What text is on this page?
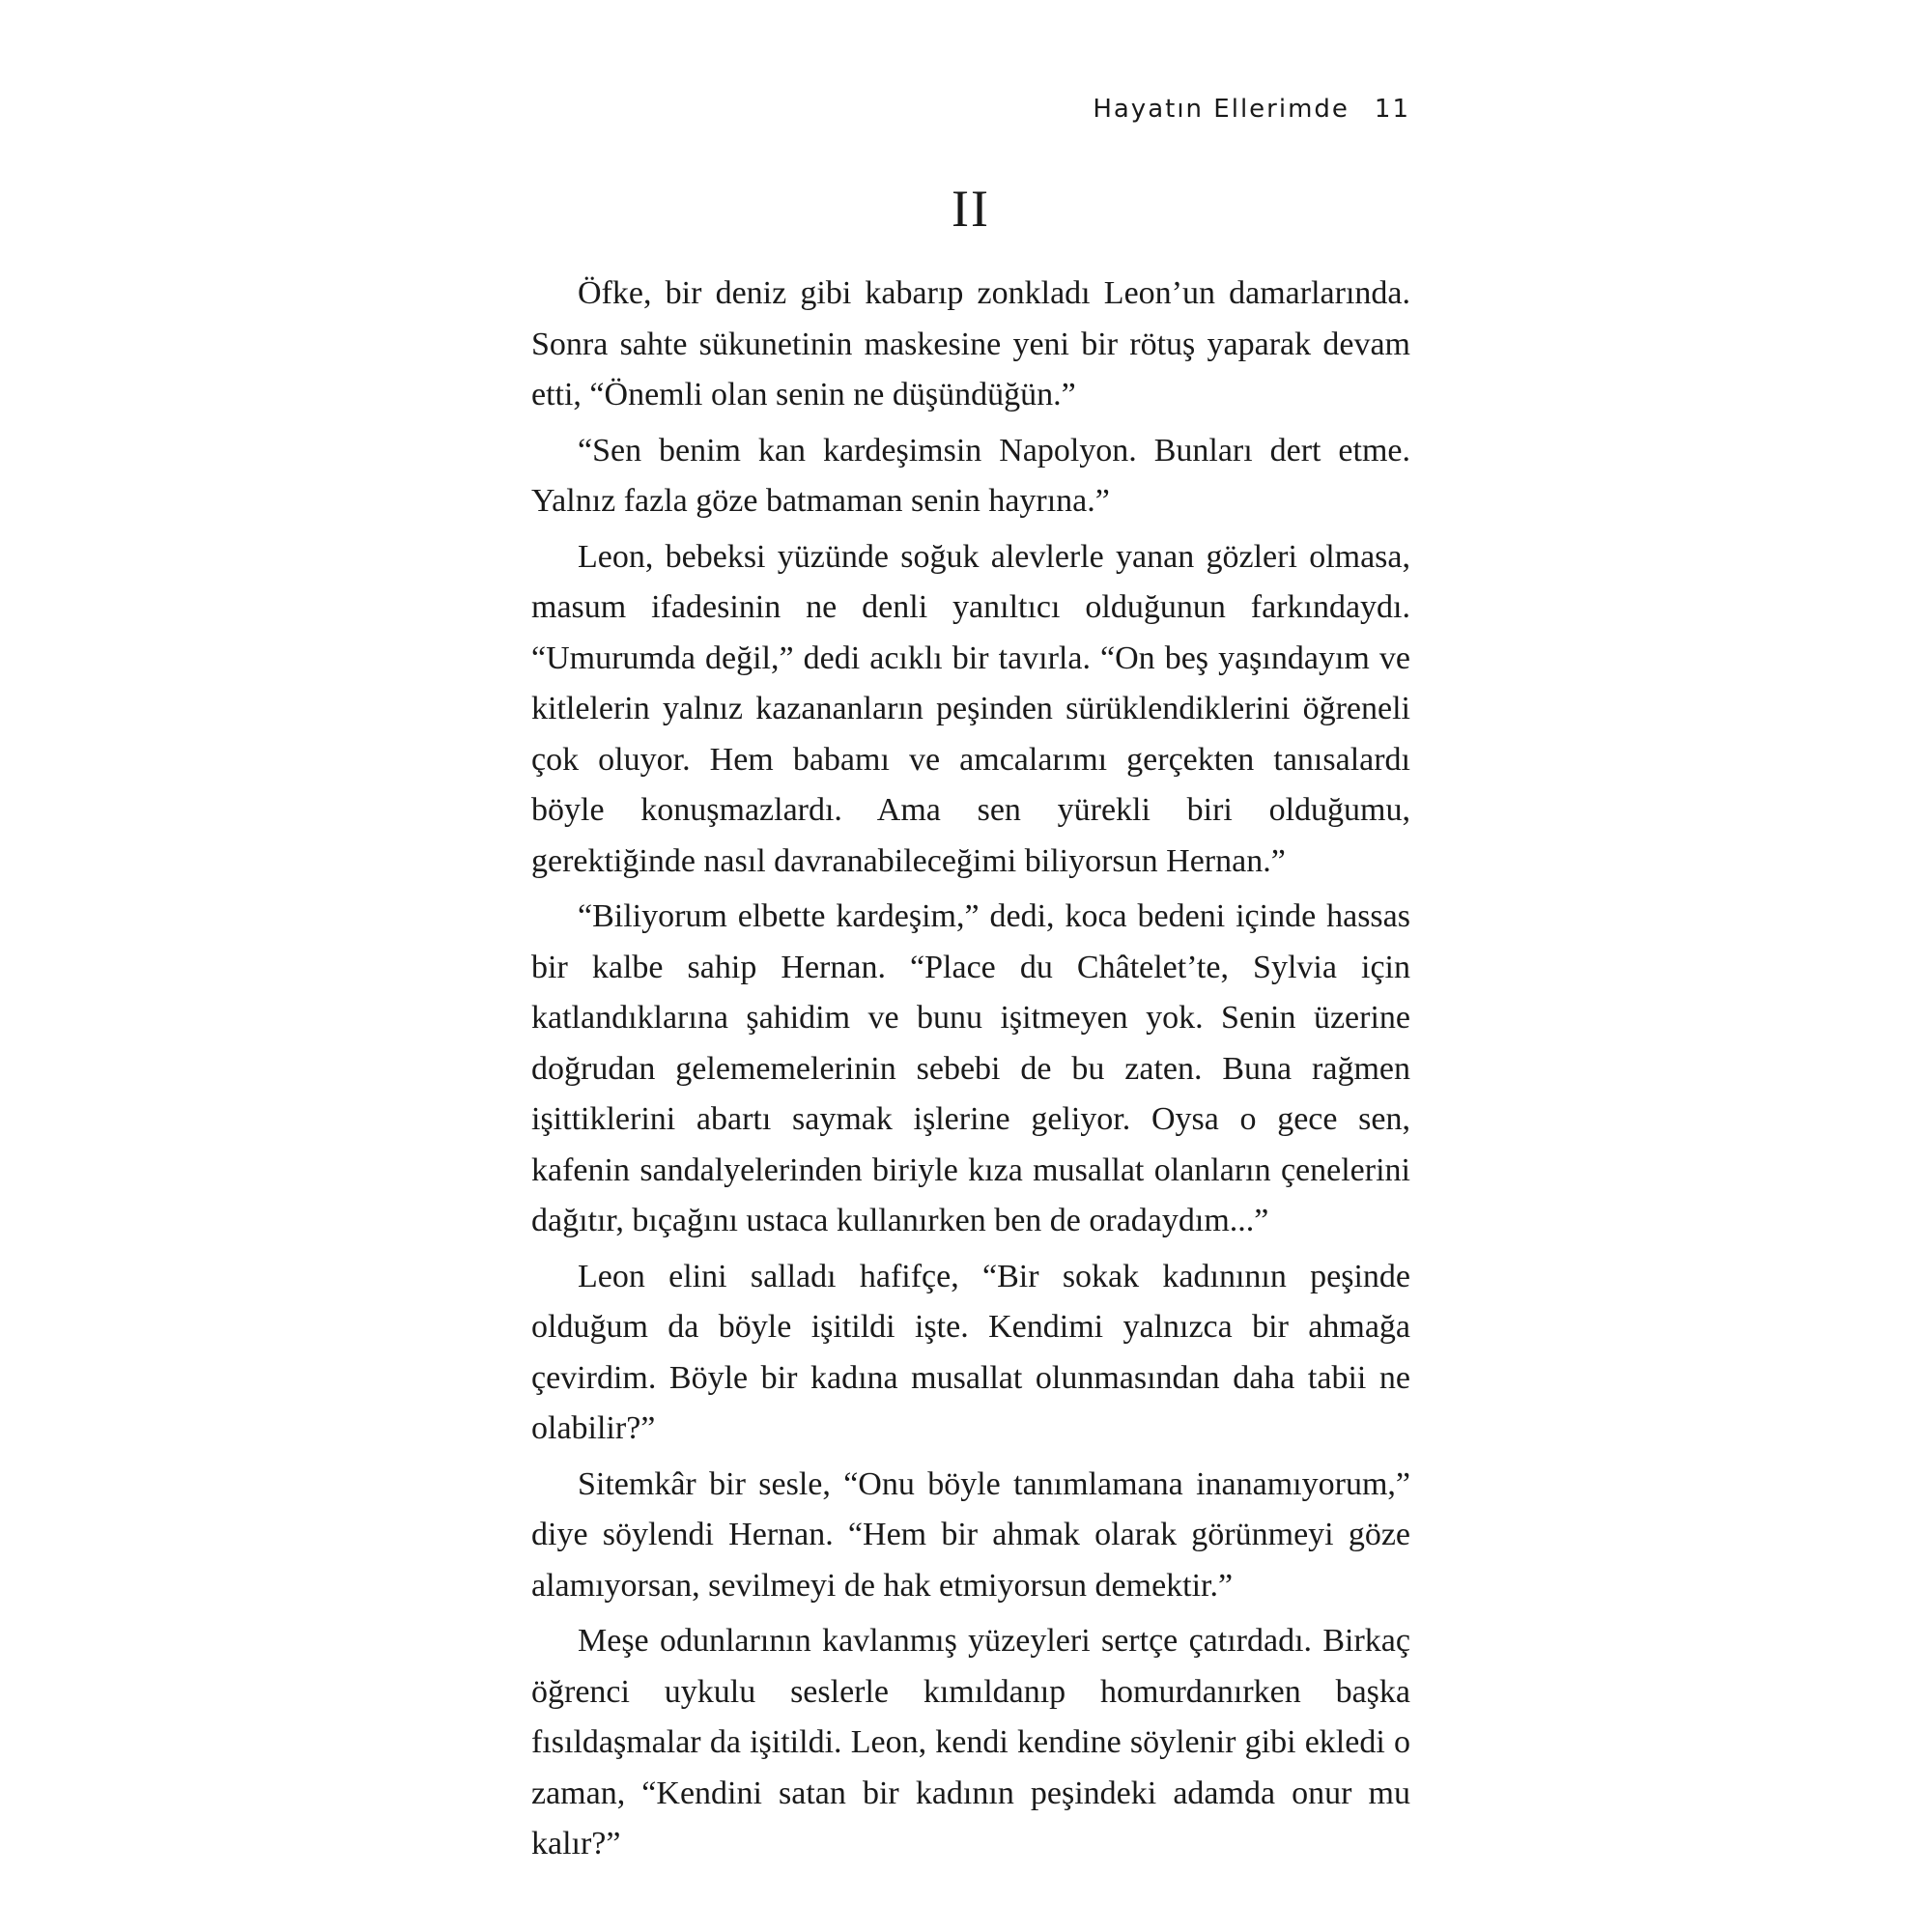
Hayatın Ellerimde 11
II

Öfke, bir deniz gibi kabarıp zonkladı Leon’un damarlarında. Sonra sahte sükunetinin maskesine yeni bir rötuş yaparak devam etti, “Önemli olan senin ne düşündüğün.”

“Sen benim kan kardeşimsin Napolyon. Bunları dert etme. Yalnız fazla göze batmaman senin hayrına.”

Leon, bebeksi yüzünde soğuk alevlerle yanan gözleri olmasa, masum ifadesinin ne denli yanıltıcı olduğunun farkındaydı. “Umurumda değil,” dedi acıklı bir tavırla. “On beş yaşındayım ve kitlelerin yalnız kazananların peşinden sürüklendiklerini öğreneli çok oluyor. Hem babamı ve amcalarımı gerçekten tanısalardı böyle konuşmazlardı. Ama sen yürekli biri olduğumu, gerektiğinde nasıl davranabileceğimi biliyorsun Hernan.”

“Biliyorum elbette kardeşim,” dedi, koca bedeni içinde hassas bir kalbe sahip Hernan. “Place du Châtelet’te, Sylvia için katlandıklarına şahidim ve bunu işitmeyen yok. Senin üzerine doğrudan gelememelerinin sebebi de bu zaten. Buna rağmen işittiklerini abartı saymak işlerine geliyor. Oysa o gece sen, kafenin sandalyelerinden biriyle kıza musallat olanların çenelerini dağıtır, bıçağını ustaca kullanırken ben de oradaydım...”

Leon elini salladı hafifçe, “Bir sokak kadınının peşinde olduğum da böyle işitildi işte. Kendimi yalnızca bir ahmağa çevirdim. Böyle bir kadına musallat olunmasından daha tabii ne olabilir?”

Sitemkâr bir sesle, “Onu böyle tanımlamana inanamıyorum,” diye söylendi Hernan. “Hem bir ahmak olarak görünmeyi göze alamıyorsan, sevilmeyi de hak etmiyorsun demektir.”

Meşe odunlarının kavlanmış yüzeyleri sertçe çatırdadı. Birkaç öğrenci uykulu seslerle kımıldanıp homurdanırken başka fısıldaşmalar da işitildi. Leon, kendi kendine söylenir gibi ekledi o zaman, “Kendini satan bir kadının peşindeki adamda onur mu kalır?”
